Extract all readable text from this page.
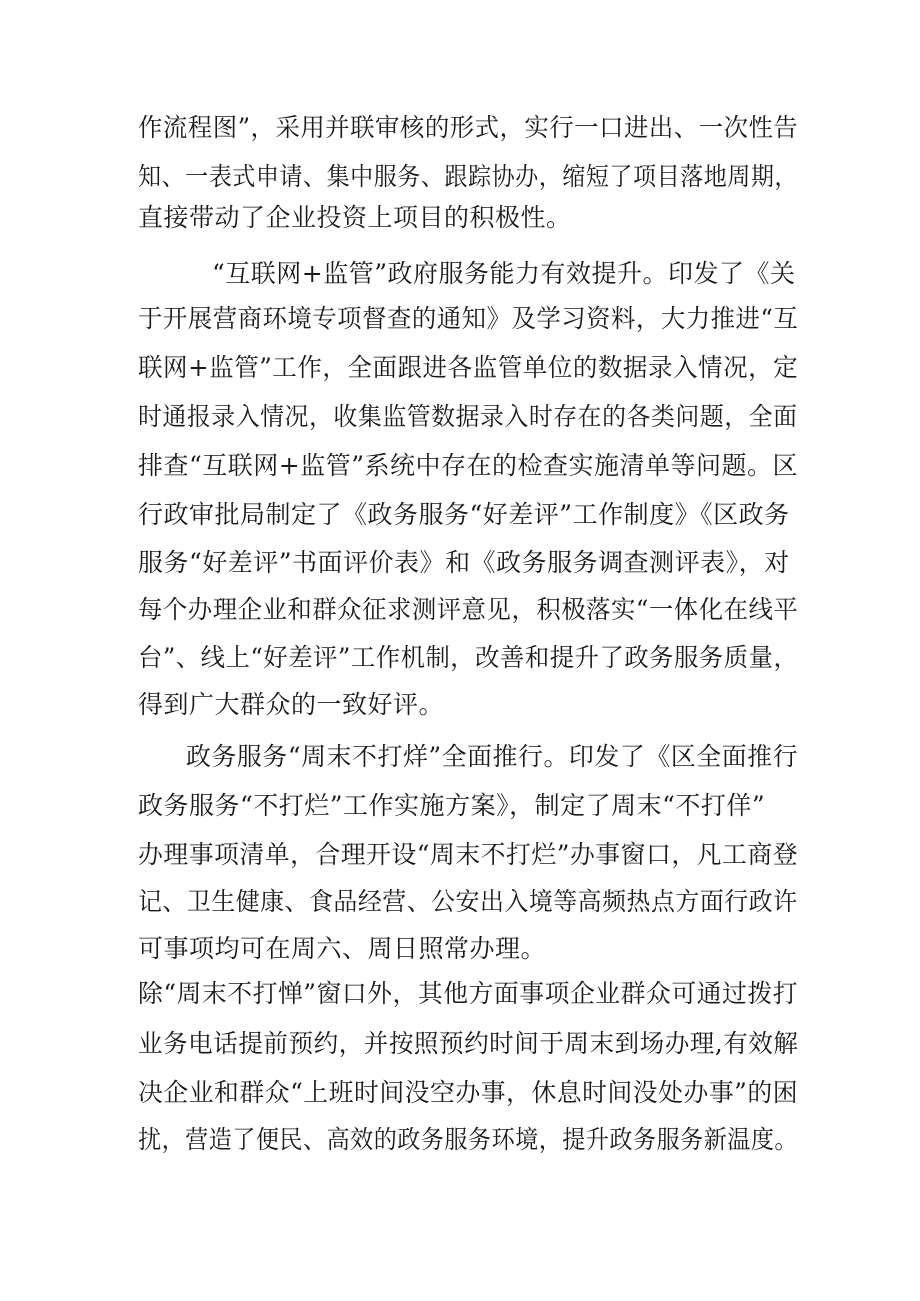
作流程图”，采用并联审核的形式，实行一口进出、一次性告
知、一表式申请、集中服务、跟踪协办，缩短了项目落地周期，
直接带动了企业投资上项目的积极性。
“互联网+监管”政府服务能力有效提升。印发了《关
于开展营商环境专项督查的通知》及学习资料，大力推进“互
联网+监管”工作，全面跟进各监管单位的数据录入情况，定
时通报录入情况，收集监管数据录入时存在的各类问题，全面
排查“互联网+监管”系统中存在的检查实施清单等问题。区
行政审批局制定了《政务服务“好差评”工作制度》《区政务
服务“好差评”书面评价表》和《政务服务调查测评表》，对
每个办理企业和群众征求测评意见，积极落实“一体化在线平
台”、线上“好差评”工作机制，改善和提升了政务服务质量，
得到广大群众的一致好评。
政务服务“周末不打烊”全面推行。印发了《区全面推行
政务服务“不打烂”工作实施方案》，制定了周末“不打佯”
办理事项清单，合理开设“周末不打烂”办事窗口，凡工商登
记、卫生健康、食品经营、公安出入境等高频热点方面行政许
可事项均可在周六、周日照常办理。
除“周末不打惮”窗口外，其他方面事项企业群众可通过拨打
业务电话提前预约，并按照预约时间于周末到场办理,有效解
决企业和群众“上班时间没空办事，休息时间没处办事”的困
扰，营造了便民、高效的政务服务环境，提升政务服务新温度。
